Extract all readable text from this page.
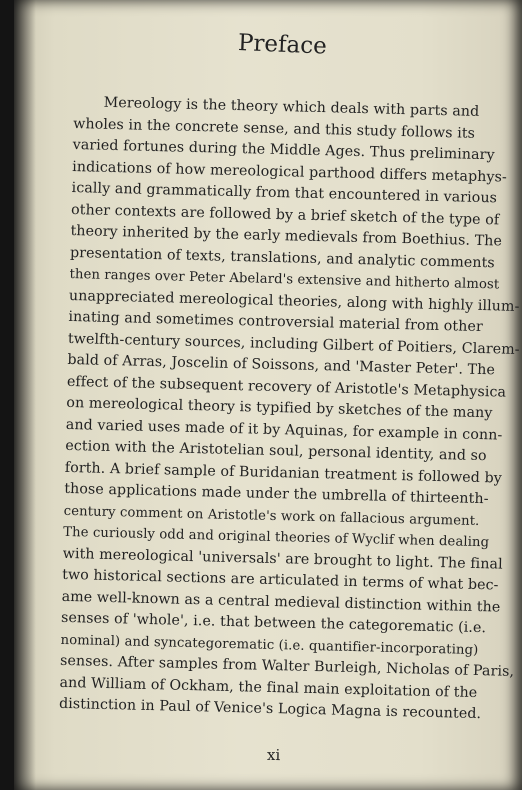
Preface
Mereology is the theory which deals with parts and
wholes in the concrete sense, and this study follows its
varied fortunes during the Middle Ages. Thus preliminary
indications of how mereological parthood differs metaphys-
ically and grammatically from that encountered in various
other contexts are followed by a brief sketch of the type of
theory inherited by the early medievals from Boethius. The
presentation of texts, translations, and analytic comments
then ranges over Peter Abelard's extensive and hitherto almost
unappreciated mereological theories, along with highly illum-
inating and sometimes controversial material from other
twelfth-century sources, including Gilbert of Poitiers, Clarem-
bald of Arras, Joscelin of Soissons, and 'Master Peter'. The
effect of the subsequent recovery of Aristotle's Metaphysica
on mereological theory is typified by sketches of the many
and varied uses made of it by Aquinas, for example in conn-
ection with the Aristotelian soul, personal identity, and so
forth. A brief sample of Buridanian treatment is followed by
those applications made under the umbrella of thirteenth-
century comment on Aristotle's work on fallacious argument.
The curiously odd and original theories of Wyclif when dealing
with mereological 'universals' are brought to light. The final
two historical sections are articulated in terms of what bec-
ame well-known as a central medieval distinction within the
senses of 'whole', i.e. that between the categorematic (i.e.
nominal) and syncategorematic (i.e. quantifier-incorporating)
senses. After samples from Walter Burleigh, Nicholas of Paris,
and William of Ockham, the final main exploitation of the
distinction in Paul of Venice's Logica Magna is recounted.

xi
